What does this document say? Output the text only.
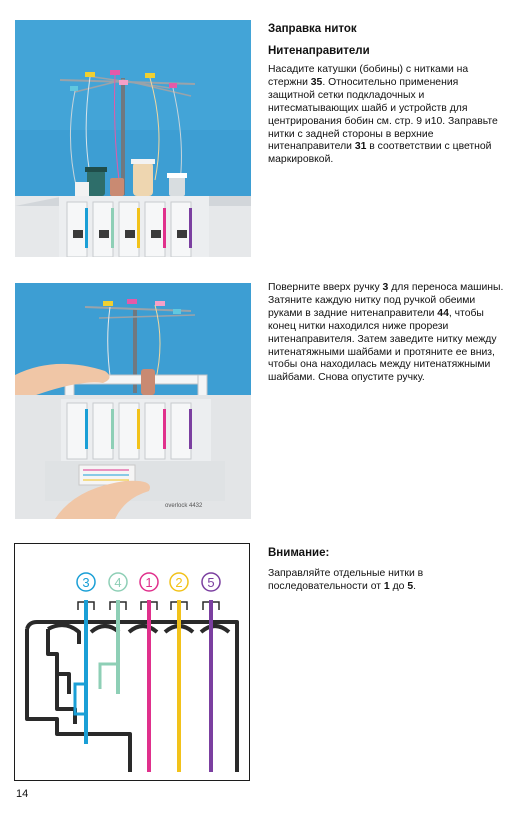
overlock 4432
3 4 1 2 5
Заправка ниток
Нитенаправители

Насадите катушки (бобины) с нитками на стержни 35. Относительно применения защитной сетки подкладочных и нитесматывающих шайб и устройств для центрирования бобин см. стр. 9 и10. Заправьте нитки с задней стороны в верхние нитенаправители 31 в соответствии с цветной маркировкой.

Поверните вверх ручку 3 для переноса машины. Затяните каждую нитку под ручкой обеими руками в задние нитенаправители 44, чтобы конец нитки находился ниже прорези нитенаправителя. Затем заведите нитку между нитенатяжными шайбами и протяните ее вниз, чтобы она находилась между нитенатяжными шайбами. Снова опустите ручку.

Внимание:

Заправляйте отдельные нитки в последовательности от 1 до 5.

14
